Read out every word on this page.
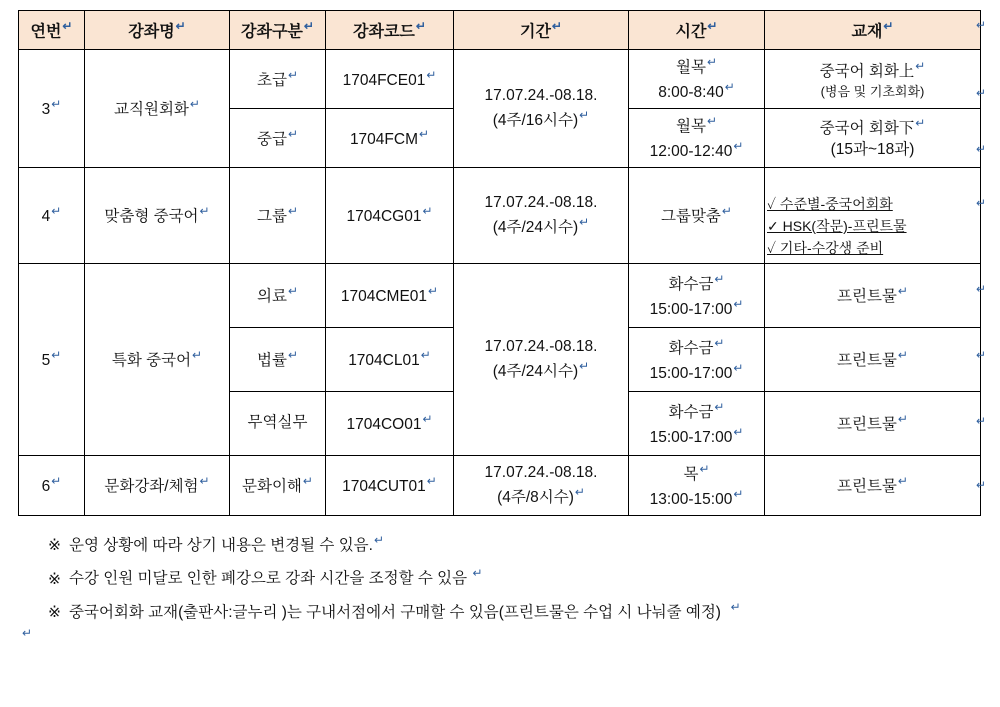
연번↵	강좌명↵	강좌구분↵	강좌코드↵	기간↵	시간↵	교재↵
3↵	교직원회화↵	초급↵	1704FCE01↵	17.07.24.-08.18.
(4주/16시수)↵	월목↵
8:00-8:40↵	중국어 회화上↵
(병음 및 기초회화)

		중급↵	1704FCM↵		월목↵
12:00-12:40↵	중국어 회화下↵
(15과~18과)

4↵	맞춤형 중국어↵	그룹↵	1704CG01↵	17.07.24.-08.18.
(4주/24시수)↵	그룹맞춤↵	✓ 수준별-중국어회화
✓ HSK(작문)-프린트물
✓ 기타-수강생 준비

5↵	특화 중국어↵	의료↵	1704CME01↵	17.07.24.-08.18.
(4주/24시수)↵	화수금↵
15:00-17:00↵	프린트물↵

		법률↵	1704CL01↵		화수금↵
15:00-17:00↵	프린트물↵

		무역실무	1704CO01↵		화수금↵
15:00-17:00↵	프린트물↵

6↵	문화강좌/체험↵	문화이해↵	1704CUT01↵	17.07.24.-08.18.
(4주/8시수)↵	목↵
13:00-15:00↵	프린트물↵
※ 운영 상황에 따라 상기 내용은 변경될 수 있음.↵
※ 수강 인원 미달로 인한 폐강으로 강좌 시간을 조정할 수 있음 ↵
※ 중국어회화 교재(출판사:글누리 )는 구내서점에서 구매할 수 있음(프린트물은 수업 시 나눠줄 예정) ↵
↵
↵
↵
↵
↵
↵
↵
↵
↵
